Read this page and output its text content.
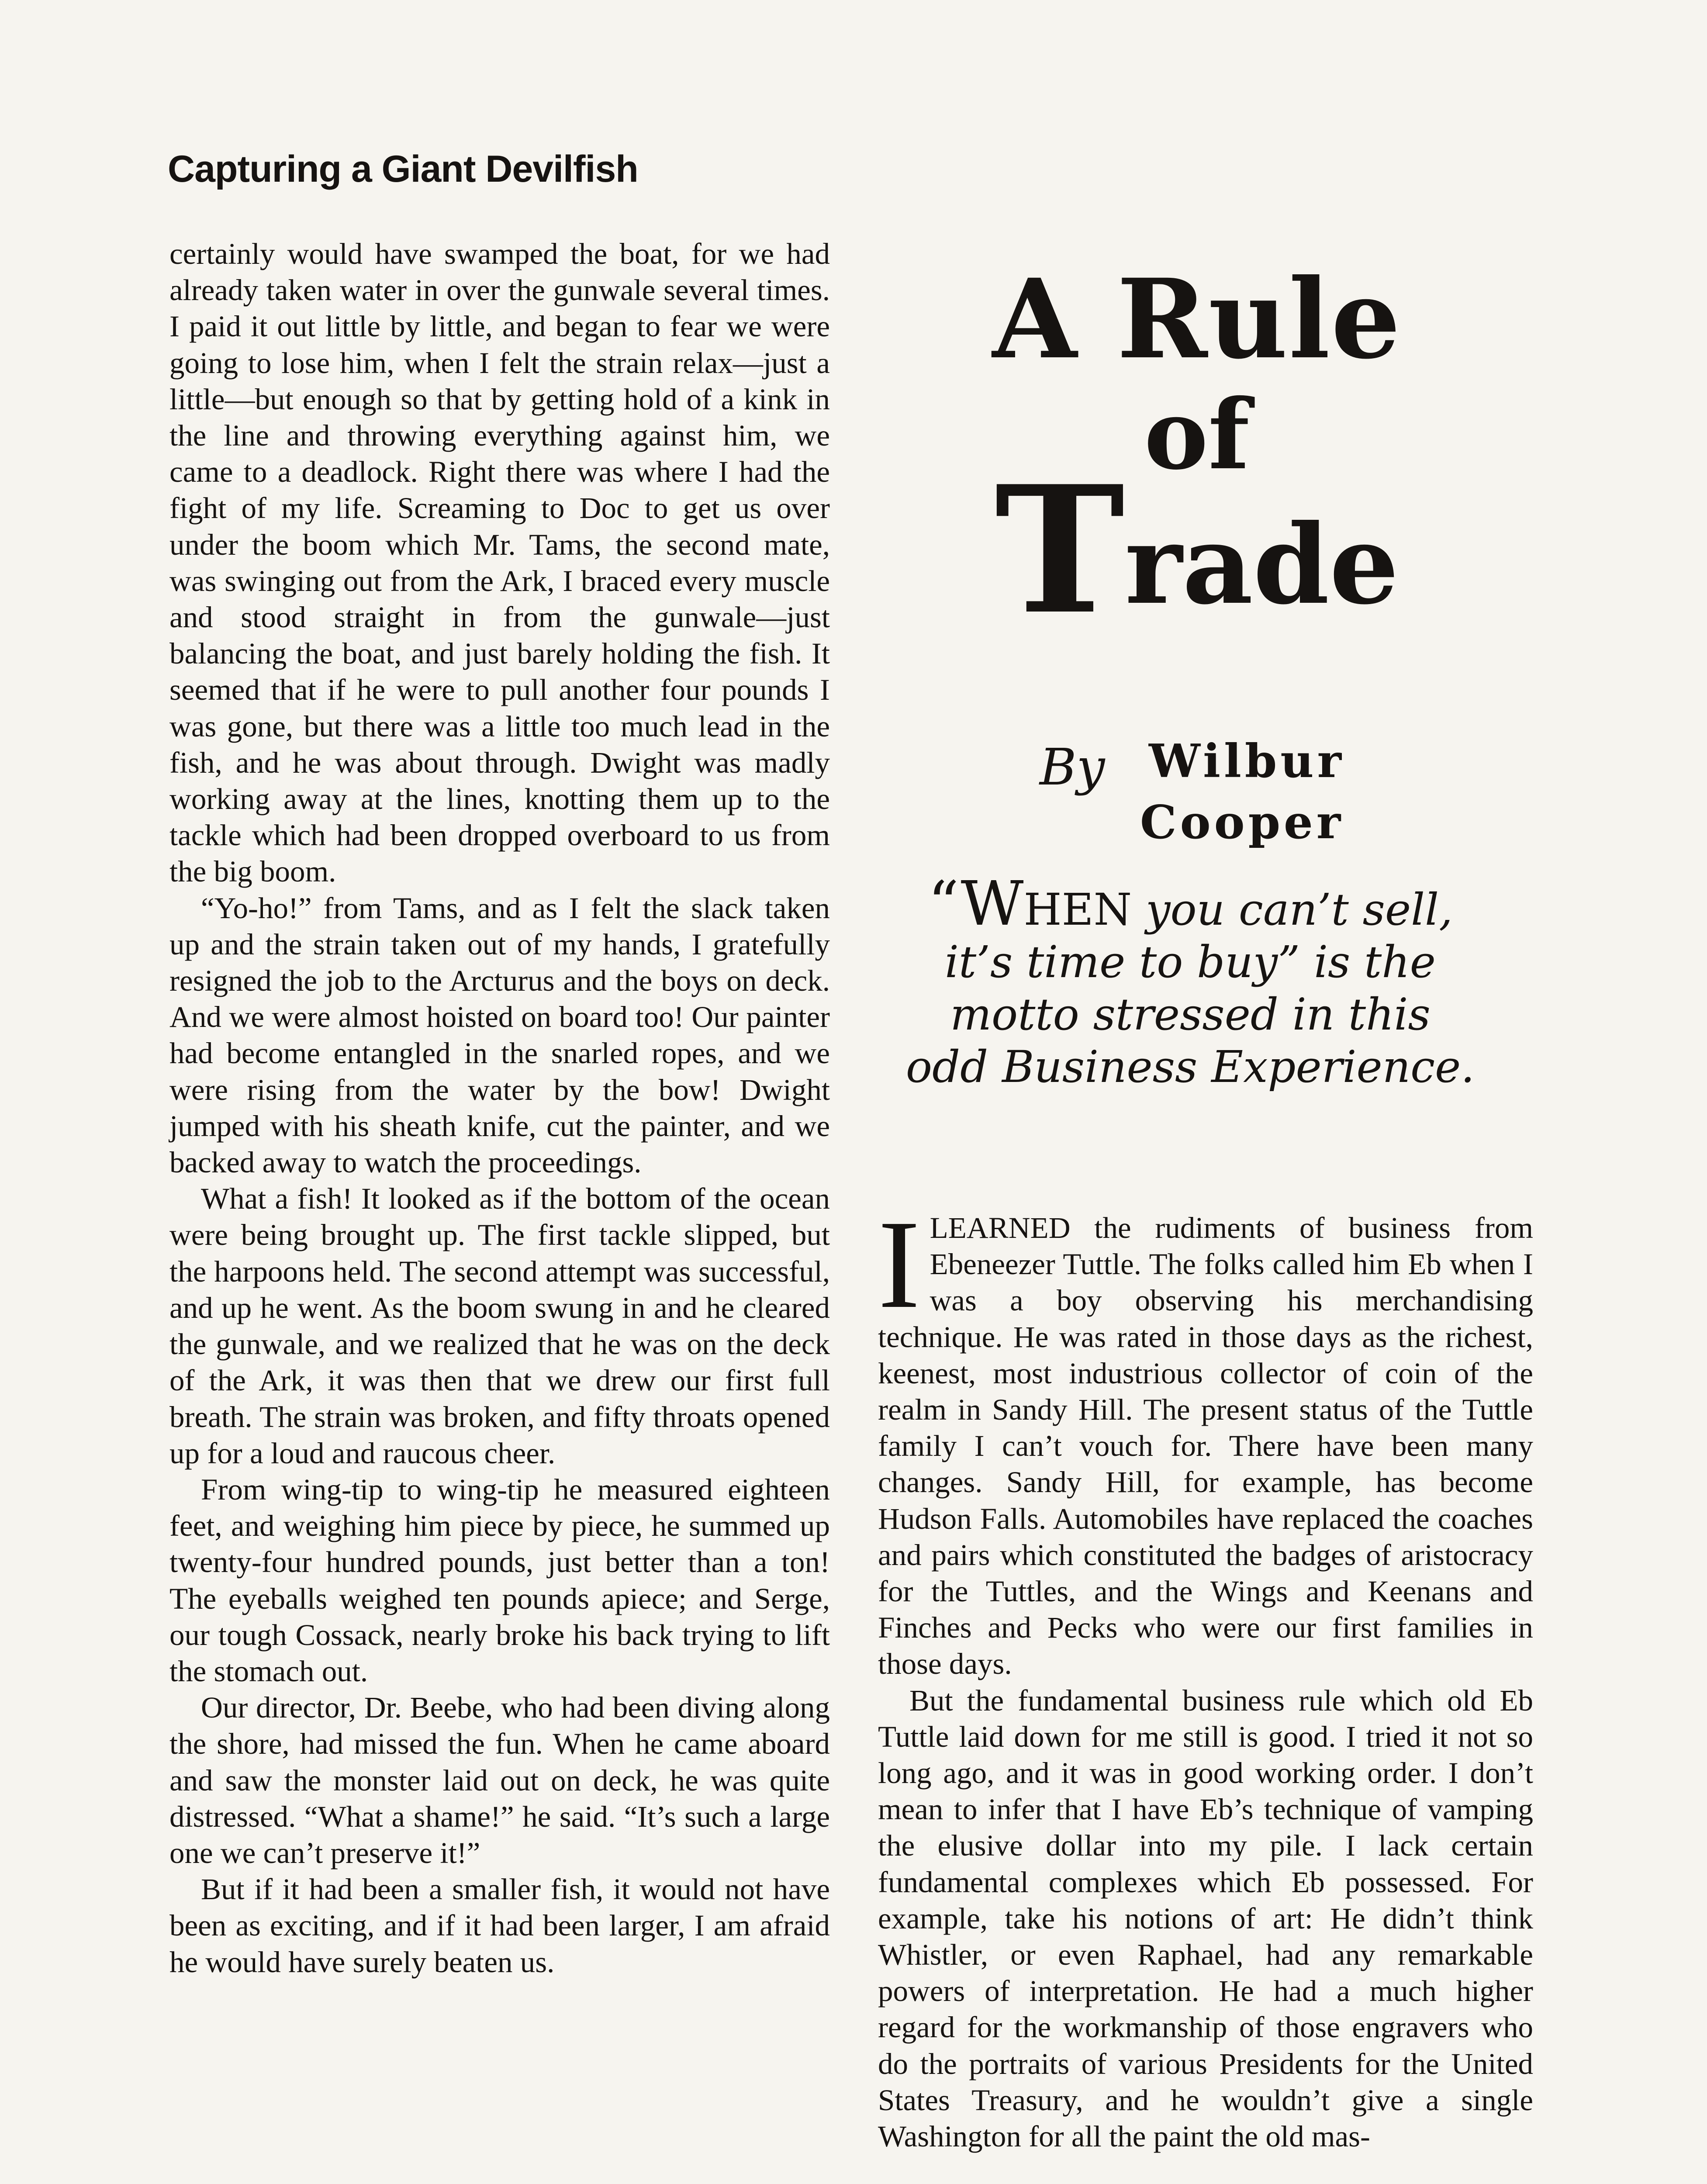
Capturing a Giant Devilfish

certainly would have swamped the boat, for we had already taken water in over the gunwale several times. I paid it out little by little, and began to fear we were going to lose him, when I felt the strain relax—just a little—but enough so that by getting hold of a kink in the line and throwing everything against him, we came to a deadlock. Right there was where I had the fight of my life. Screaming to Doc to get us over under the boom which Mr. Tams, the second mate, was swinging out from the Ark, I braced every muscle and stood straight in from the gunwale—just balancing the boat, and just barely holding the fish. It seemed that if he were to pull another four pounds I was gone, but there was a little too much lead in the fish, and he was about through. Dwight was madly working away at the lines, knotting them up to the tackle which had been dropped overboard to us from the big boom.

“Yo-ho!” from Tams, and as I felt the slack taken up and the strain taken out of my hands, I gratefully resigned the job to the Arcturus and the boys on deck. And we were almost hoisted on board too! Our painter had become entangled in the snarled ropes, and we were rising from the water by the bow! Dwight jumped with his sheath knife, cut the painter, and we backed away to watch the proceedings.

What a fish! It looked as if the bottom of the ocean were being brought up. The first tackle slipped, but the harpoons held. The second attempt was successful, and up he went. As the boom swung in and he cleared the gunwale, and we realized that he was on the deck of the Ark, it was then that we drew our first full breath. The strain was broken, and fifty throats opened up for a loud and raucous cheer.

From wing-tip to wing-tip he measured eighteen feet, and weighing him piece by piece, he summed up twenty-four hundred pounds, just better than a ton! The eyeballs weighed ten pounds apiece; and Serge, our tough Cossack, nearly broke his back trying to lift the stomach out.

Our director, Dr. Beebe, who had been diving along the shore, had missed the fun. When he came aboard and saw the monster laid out on deck, he was quite distressed. “What a shame!” he said. “It’s such a large one we can’t preserve it!”

But if it had been a smaller fish, it would not have been as exciting, and if it had been larger, I am afraid he would have surely beaten us.

A Rule
of
Trade
By Wilbur
Cooper
“WHEN you can’t sell,
it’s time to buy” is the
motto stressed in this
odd Business Experience.

ILEARNED the rudiments of business from Ebeneezer Tuttle. The folks called him Eb when I was a boy observing his merchandising technique. He was rated in those days as the richest, keenest, most industrious collector of coin of the realm in Sandy Hill. The present status of the Tuttle family I can’t vouch for. There have been many changes. Sandy Hill, for example, has become Hudson Falls. Automobiles have replaced the coaches and pairs which constituted the badges of aristocracy for the Tuttles, and the Wings and Keenans and Finches and Pecks who were our first families in those days.

But the fundamental business rule which old Eb Tuttle laid down for me still is good. I tried it not so long ago, and it was in good working order. I don’t mean to infer that I have Eb’s technique of vamping the elusive dollar into my pile. I lack certain fundamental complexes which Eb possessed. For example, take his notions of art: He didn’t think Whistler, or even Raphael, had any remarkable powers of interpretation. He had a much higher regard for the workmanship of those engravers who do the portraits of various Presidents for the United States Treasury, and he wouldn’t give a single Washington for all the paint the old mas-
